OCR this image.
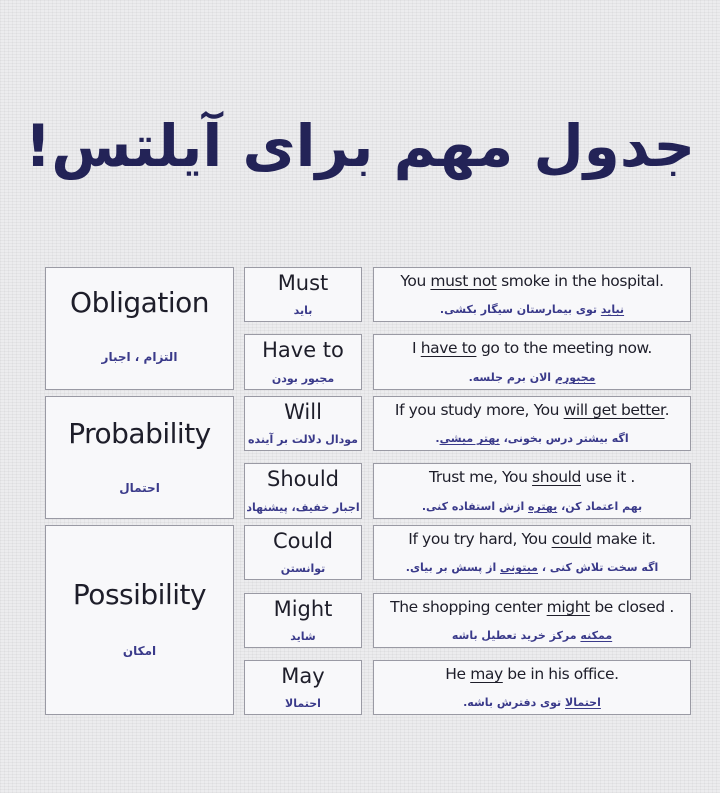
جدول مهم برای آیلتس!
Obligation
التزام ، اجبار
Probability
احتمال
Possibility
امکان
Must
باید
Have to
مجبور بودن
Will
مودال دلالت بر آینده
Should
اجبار خفیف، پیشنهاد
Could
توانستن
Might
شاید
May
احتمالا
You must not smoke in the hospital.
نباید توی بیمارستان سیگار بکشی.
I have to go to the meeting now.
مجبورم الان برم جلسه.
If you study more, You will get better.
اگه بیشتر درس بخونی، بهتر میشی.
Trust me, You should use it .
بهم اعتماد کن، بهتره ازش استفاده کنی.
If you try hard, You could make it.
اگه سخت تلاش کنی ، میتونی از پسش بر بیای.
The shopping center might be closed .
ممکنه مرکز خرید تعطیل باشه
He may be in his office.
احتمالا توی دفترش باشه.
